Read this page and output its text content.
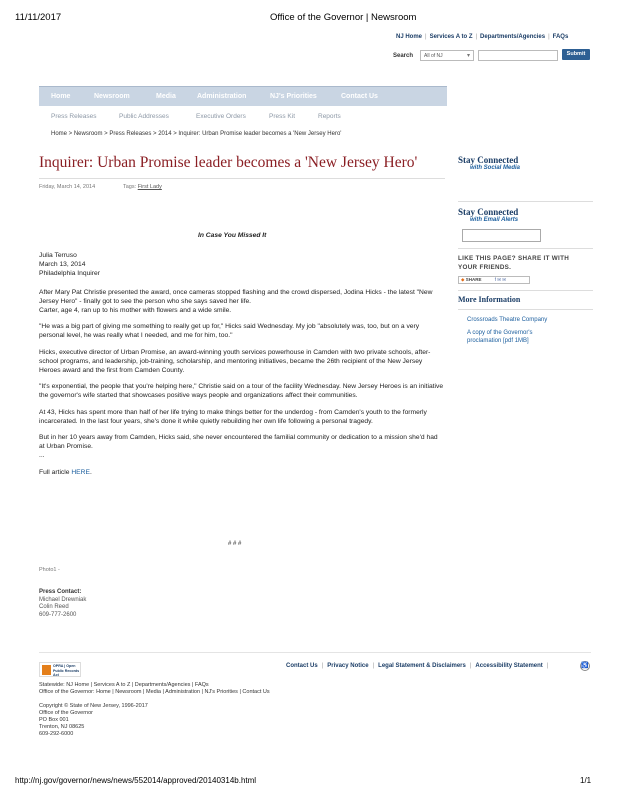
11/11/2017	Office of the Governor | Newsroom
NJ Home | Services A to Z | Departments/Agencies | FAQs
Search	All of NJ	▾	Submit
Home	Newsroom	Media	Administration	NJ's Priorities	Contact Us
Press Releases	Public Addresses	Executive Orders	Press Kit	Reports
Home > Newsroom > Press Releases > 2014 > Inquirer: Urban Promise leader becomes a 'New Jersey Hero'
Inquirer: Urban Promise leader becomes a 'New Jersey Hero'
Friday, March 14, 2014	Tags: First Lady
In Case You Missed It
Julia Terruso
March 13, 2014
Philadelphia Inquirer
After Mary Pat Christie presented the award, once cameras stopped flashing and the crowd dispersed, Jodina Hicks - the latest "New Jersey Hero" - finally got to see the person who she says saved her life.
Carter, age 4, ran up to his mother with flowers and a wide smile.
"He was a big part of giving me something to really get up for," Hicks said Wednesday. My job "absolutely was, too, but on a very personal level, he was really what I needed, and me for him, too."
Hicks, executive director of Urban Promise, an award-winning youth services powerhouse in Camden with two private schools, after-school programs, and leadership, job-training, scholarship, and mentoring initiatives, became the 26th recipient of the New Jersey Heroes award and the first from Camden County.
"It's exponential, the people that you're helping here," Christie said on a tour of the facility Wednesday. New Jersey Heroes is an initiative the governor's wife started that showcases positive ways people and organizations affect their communities.
At 43, Hicks has spent more than half of her life trying to make things better for the underdog - from Camden's youth to the formerly incarcerated. In the last four years, she's done it while quietly rebuilding her own life following a personal tragedy.
But in her 10 years away from Camden, Hicks said, she never encountered the familial community or dedication to a mission she'd had at Urban Promise.
...
Full article HERE.
# # #
Photo1 -
Press Contact:
Michael Drewniak
Colin Reed
609-777-2600
Stay Connected
with Social Media
Stay Connected
with Email Alerts
LIKE THIS PAGE? SHARE IT WITH YOUR FRIENDS.
◆ SHARE	f ✉ ✉
More Information
Crossroads Theatre Company
A copy of the Governor's proclamation [pdf 1MB]
OPRA | Open Public Records Act
Contact Us | Privacy Notice | Legal Statement & Disclaimers | Accessibility Statement |	♿
Statewide: NJ Home | Services A to Z | Departments/Agencies | FAQs
Office of the Governor: Home | Newsroom | Media | Administration | NJ's Priorities | Contact Us
Copyright © State of New Jersey, 1996-2017
Office of the Governor
PO Box 001
Trenton, NJ 08625
609-292-6000
http://nj.gov/governor/news/news/552014/approved/20140314b.html	1/1
